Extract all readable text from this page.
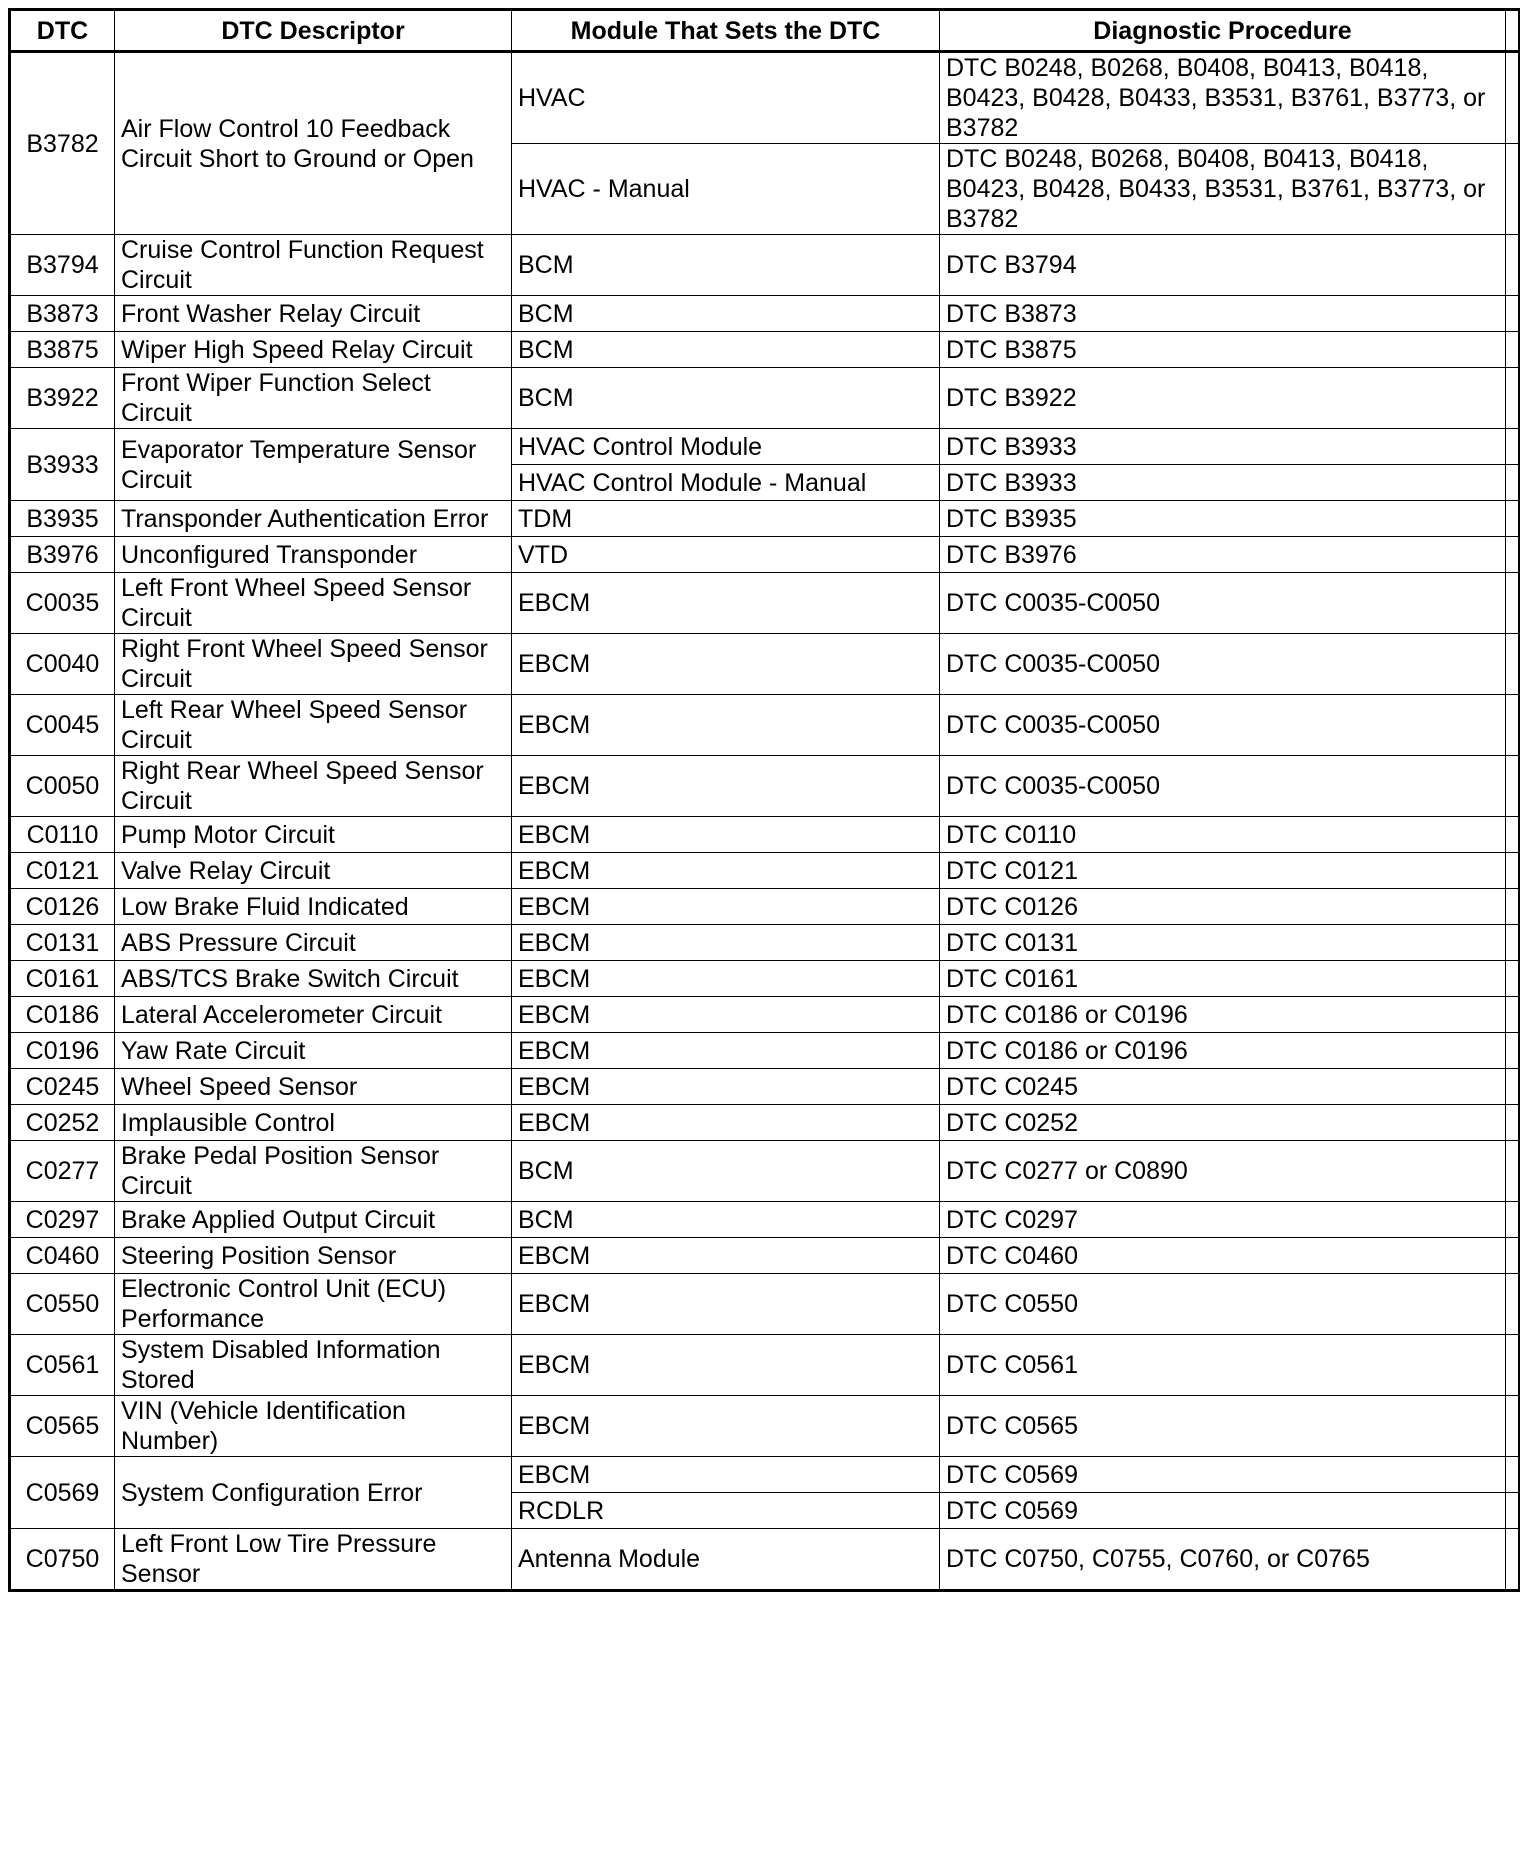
DTC	DTC Descriptor	Module That Sets the DTC	Diagnostic Procedure	
B3782	Air Flow Control 10 Feedback Circuit Short to Ground or Open	HVAC	DTC B0248, B0268, B0408, B0413, B0418, B0423, B0428, B0433, B3531, B3761, B3773, or B3782	
		HVAC - Manual	DTC B0248, B0268, B0408, B0413, B0418, B0423, B0428, B0433, B3531, B3761, B3773, or B3782	
B3794	Cruise Control Function Request Circuit	BCM	DTC B3794	
B3873	Front Washer Relay Circuit	BCM	DTC B3873	
B3875	Wiper High Speed Relay Circuit	BCM	DTC B3875	
B3922	Front Wiper Function Select Circuit	BCM	DTC B3922	
B3933	Evaporator Temperature Sensor Circuit	HVAC Control Module	DTC B3933	
		HVAC Control Module - Manual	DTC B3933	
B3935	Transponder Authentication Error	TDM	DTC B3935	
B3976	Unconfigured Transponder	VTD	DTC B3976	
C0035	Left Front Wheel Speed Sensor Circuit	EBCM	DTC C0035-C0050	
C0040	Right Front Wheel Speed Sensor Circuit	EBCM	DTC C0035-C0050	
C0045	Left Rear Wheel Speed Sensor Circuit	EBCM	DTC C0035-C0050	
C0050	Right Rear Wheel Speed Sensor Circuit	EBCM	DTC C0035-C0050	
C0110	Pump Motor Circuit	EBCM	DTC C0110	
C0121	Valve Relay Circuit	EBCM	DTC C0121	
C0126	Low Brake Fluid Indicated	EBCM	DTC C0126	
C0131	ABS Pressure Circuit	EBCM	DTC C0131	
C0161	ABS/TCS Brake Switch Circuit	EBCM	DTC C0161	
C0186	Lateral Accelerometer Circuit	EBCM	DTC C0186 or C0196	
C0196	Yaw Rate Circuit	EBCM	DTC C0186 or C0196	
C0245	Wheel Speed Sensor	EBCM	DTC C0245	
C0252	Implausible Control	EBCM	DTC C0252	
C0277	Brake Pedal Position Sensor Circuit	BCM	DTC C0277 or C0890	
C0297	Brake Applied Output Circuit	BCM	DTC C0297	
C0460	Steering Position Sensor	EBCM	DTC C0460	
C0550	Electronic Control Unit (ECU) Performance	EBCM	DTC C0550	
C0561	System Disabled Information Stored	EBCM	DTC C0561	
C0565	VIN (Vehicle Identification Number)	EBCM	DTC C0565	
C0569	System Configuration Error	EBCM	DTC C0569	
		RCDLR	DTC C0569	
C0750	Left Front Low Tire Pressure Sensor	Antenna Module	DTC C0750, C0755, C0760, or C0765	
